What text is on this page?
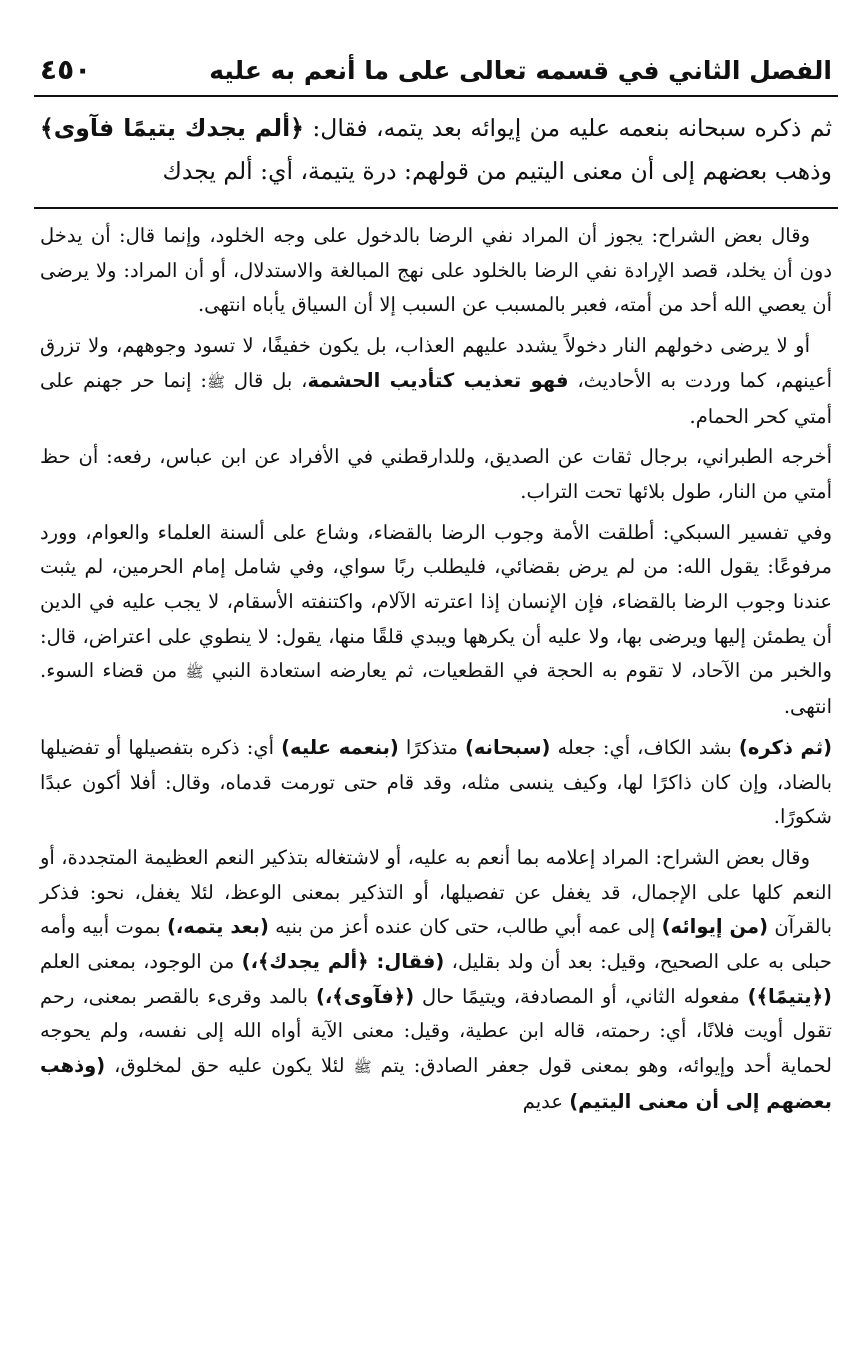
الفصل الثاني في قسمه تعالى على ما أنعم به عليه
٤٥٠
ثم ذكره سبحانه بنعمه عليه من إيوائه بعد يتمه، فقال: ﴿ألم يجدك يتيمًا فآوى﴾ وذهب بعضهم إلى أن معنى اليتيم من قولهم: درة يتيمة، أي: ألم يجدك

وقال بعض الشراح: يجوز أن المراد نفي الرضا بالدخول على وجه الخلود، وإنما قال: أن يدخل دون أن يخلد، قصد الإرادة نفي الرضا بالخلود على نهج المبالغة والاستدلال، أو أن المراد: ولا يرضى أن يعصي الله أحد من أمته، فعبر بالمسبب عن السبب إلا أن السياق يأباه انتهى.

أو لا يرضى دخولهم النار دخولاً يشدد عليهم العذاب، بل يكون خفيفًا، لا تسود وجوههم، ولا تزرق أعينهم، كما وردت به الأحاديث، فهو تعذيب كتأديب الحشمة، بل قال ﷺ: إنما حر جهنم على أمتي كحر الحمام.

أخرجه الطبراني، برجال ثقات عن الصديق، وللدارقطني في الأفراد عن ابن عباس، رفعه: أن حظ أمتي من النار، طول بلائها تحت التراب.

وفي تفسير السبكي: أطلقت الأمة وجوب الرضا بالقضاء، وشاع على ألسنة العلماء والعوام، وورد مرفوعًا: يقول الله: من لم يرض بقضائي، فليطلب ربًا سواي، وفي شامل إمام الحرمين، لم يثبت عندنا وجوب الرضا بالقضاء، فإن الإنسان إذا اعترته الآلام، واكتنفته الأسقام، لا يجب عليه في الدين أن يطمئن إليها ويرضى بها، ولا عليه أن يكرهها ويبدي قلقًا منها، يقول: لا ينطوي على اعتراض، قال: والخبر من الآحاد، لا تقوم به الحجة في القطعيات، ثم يعارضه استعادة النبي ﷺ من قضاء السوء. انتهى.

(ثم ذكره) بشد الكاف، أي: جعله (سبحانه) متذكرًا (بنعمه عليه) أي: ذكره بتفصيلها أو تفضيلها بالضاد، وإن كان ذاكرًا لها، وكيف ينسى مثله، وقد قام حتى تورمت قدماه، وقال: أفلا أكون عبدًا شكورًا.

وقال بعض الشراح: المراد إعلامه بما أنعم به عليه، أو لاشتغاله بتذكير النعم العظيمة المتجددة، أو النعم كلها على الإجمال، قد يغفل عن تفصيلها، أو التذكير بمعنى الوعظ، لئلا يغفل، نحو: فذكر بالقرآن (من إيوائه) إلى عمه أبي طالب، حتى كان عنده أعز من بنيه (بعد يتمه،) بموت أبيه وأمه حبلى به على الصحيح، وقيل: بعد أن ولد بقليل، (فقال: ﴿ألم يجدك﴾،) من الوجود، بمعنى العلم (﴿يتيمًا﴾) مفعوله الثاني، أو المصادفة، ويتيمًا حال (﴿فآوى﴾،) بالمد وقرىء بالقصر بمعنى، رحم تقول أويت فلانًا، أي: رحمته، قاله ابن عطية، وقيل: معنى الآية أواه الله إلى نفسه، ولم يحوجه لحماية أحد وإيوائه، وهو بمعنى قول جعفر الصادق: يتم ﷺ لئلا يكون عليه حق لمخلوق، (وذهب بعضهم إلى أن معنى اليتيم) عديم
